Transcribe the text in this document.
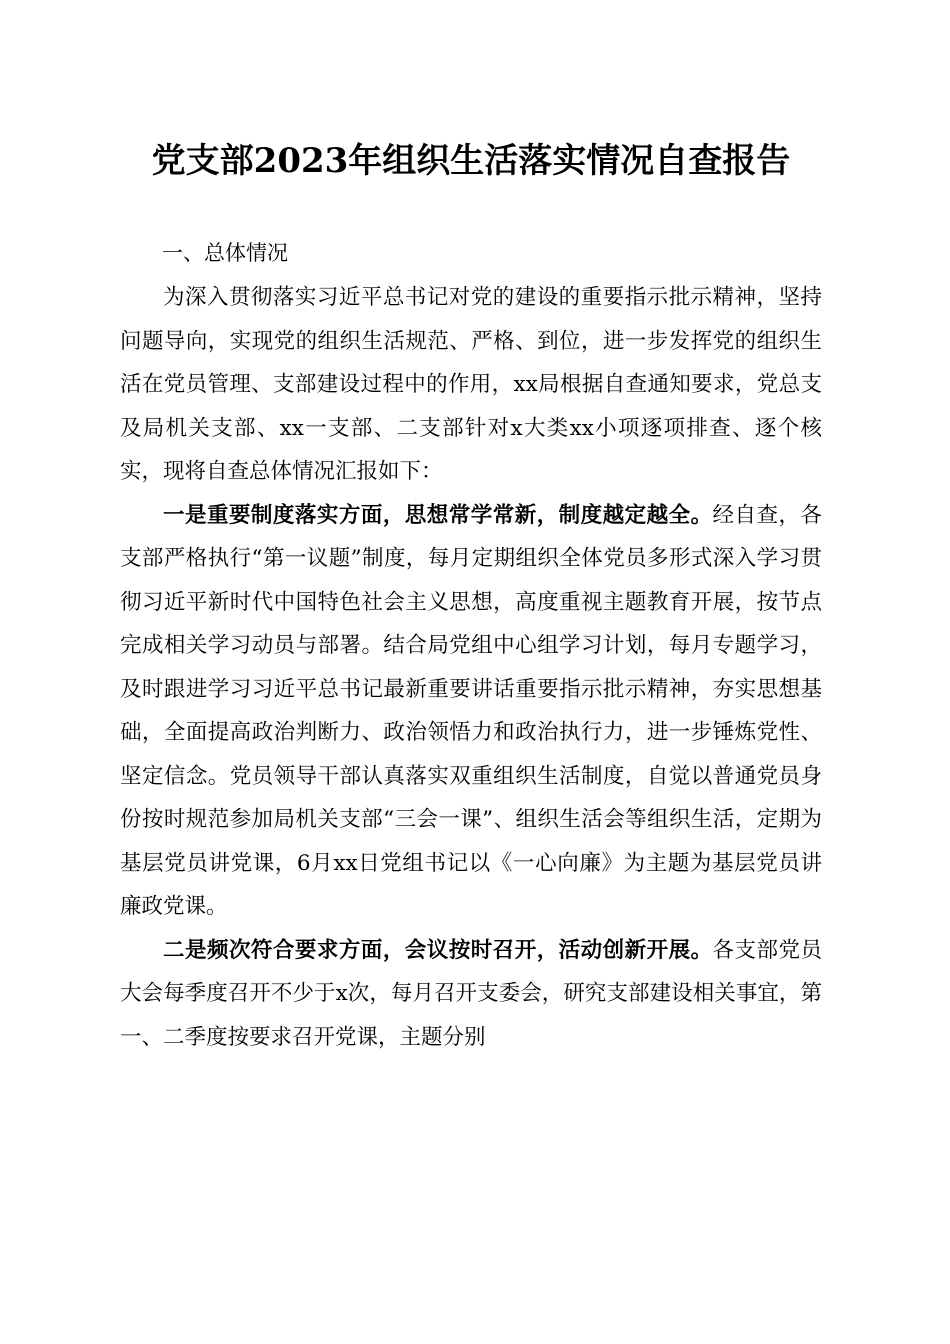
党支部2023年组织生活落实情况自查报告
一、总体情况

为深入贯彻落实习近平总书记对党的建设的重要指示批示精神，坚持问题导向，实现党的组织生活规范、严格、到位，进一步发挥党的组织生活在党员管理、支部建设过程中的作用，xx局根据自查通知要求，党总支及局机关支部、xx一支部、二支部针对x大类xx小项逐项排查、逐个核实，现将自查总体情况汇报如下：

一是重要制度落实方面，思想常学常新，制度越定越全。经自查，各支部严格执行“第一议题”制度，每月定期组织全体党员多形式深入学习贯彻习近平新时代中国特色社会主义思想，高度重视主题教育开展，按节点完成相关学习动员与部署。结合局党组中心组学习计划，每月专题学习，及时跟进学习习近平总书记最新重要讲话重要指示批示精神，夯实思想基础，全面提高政治判断力、政治领悟力和政治执行力，进一步锤炼党性、坚定信念。党员领导干部认真落实双重组织生活制度，自觉以普通党员身份按时规范参加局机关支部“三会一课”、组织生活会等组织生活，定期为基层党员讲党课，6月xx日党组书记以《一心向廉》为主题为基层党员讲廉政党课。

二是频次符合要求方面，会议按时召开，活动创新开展。各支部党员大会每季度召开不少于x次，每月召开支委会，研究支部建设相关事宜，第一、二季度按要求召开党课，主题分别
